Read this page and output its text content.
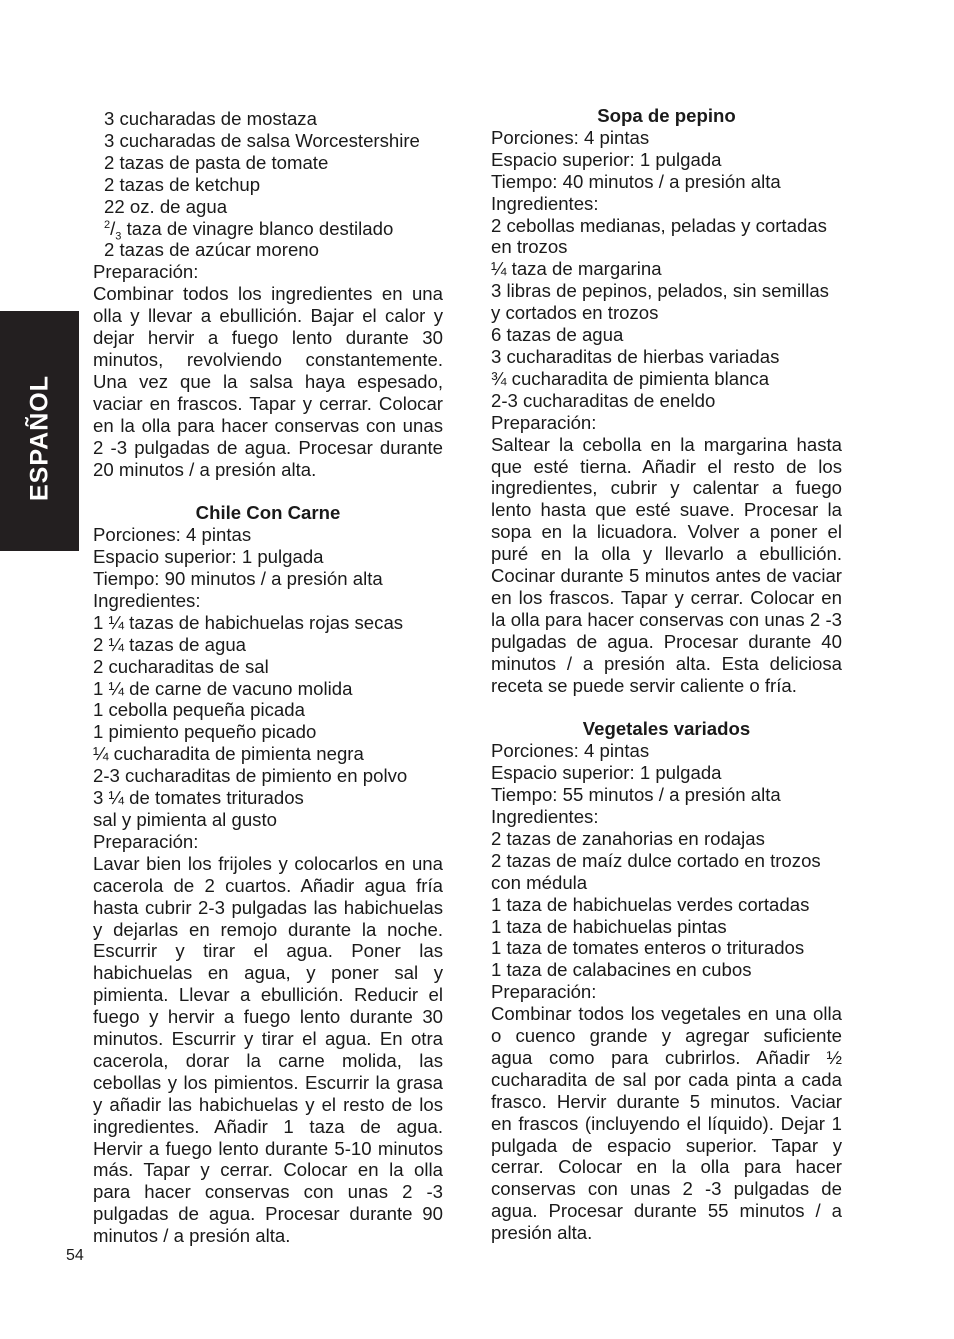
ESPAÑOL
3 cucharadas de mostaza
3 cucharadas de salsa Worcestershire
2 tazas de pasta de tomate
2 tazas de ketchup
22 oz. de agua
$^2/_3$ taza de vinagre blanco destilado
2 tazas de azúcar moreno
Preparación:
Combinar todos los ingredientes en una olla y llevar a ebullición. Bajar el calor y dejar hervir a fuego lento durante 30 minutos, revolviendo constantemente. Una vez que la salsa haya espesado, vaciar en frascos. Tapar y cerrar. Colocar en la olla para hacer conservas con unas 2 -3 pulgadas de agua. Procesar durante 20 minutos / a presión alta.
Chile Con Carne
Porciones: 4 pintas
Espacio superior: 1 pulgada
Tiempo: 90 minutos / a presión alta
Ingredientes:
1 ¼ tazas de habichuelas rojas secas
2 ¼ tazas de agua
2 cucharaditas de sal
1 ¼ de carne de vacuno molida
1 cebolla pequeña picada
1 pimiento pequeño picado
¼ cucharadita de pimienta negra
2-3 cucharaditas de pimiento en polvo
3 ¼ de tomates triturados
sal y pimienta al gusto
Preparación:
Lavar bien los frijoles y colocarlos en una cacerola de 2 cuartos. Añadir agua fría hasta cubrir 2-3 pulgadas las habichuelas y dejarlas en remojo durante la noche. Escurrir y tirar el agua. Poner las habichuelas en agua, y poner sal y pimienta. Llevar a ebullición. Reducir el fuego y hervir a fuego lento durante 30 minutos. Escurrir y tirar el agua. En otra cacerola, dorar la carne molida, las cebollas y los pimientos. Escurrir la grasa y añadir las habichuelas y el resto de los ingredientes. Añadir 1 taza de agua. Hervir a fuego lento durante 5-10 minutos más. Tapar y cerrar. Colocar en la olla para hacer conservas con unas 2 -3 pulgadas de agua. Procesar durante 90 minutos / a presión alta.
Sopa de pepino
Porciones: 4 pintas
Espacio superior: 1 pulgada
Tiempo: 40 minutos / a presión alta
Ingredientes:
2 cebollas medianas, peladas y cortadas
en trozos
¼ taza de margarina
3 libras de pepinos, pelados, sin semillas
y cortados en trozos
6 tazas de agua
3 cucharaditas de hierbas variadas
¾ cucharadita de pimienta blanca
2-3 cucharaditas de eneldo
Preparación:
Saltear la cebolla en la margarina hasta que esté tierna. Añadir el resto de los ingredientes, cubrir y calentar a fuego lento hasta que esté suave. Procesar la sopa en la licuadora. Volver a poner el puré en la olla y llevarlo a ebullición. Cocinar durante 5 minutos antes de vaciar en los frascos. Tapar y cerrar. Colocar en la olla para hacer conservas con unas 2 -3 pulgadas de agua. Procesar durante 40 minutos / a presión alta. Esta deliciosa receta se puede servir caliente o fría.
Vegetales variados
Porciones: 4 pintas
Espacio superior: 1 pulgada
Tiempo: 55 minutos / a presión alta
Ingredientes:
2 tazas de zanahorias en rodajas
2 tazas de maíz dulce cortado en trozos
con médula
1 taza de habichuelas verdes cortadas
1 taza de habichuelas pintas
1 taza de tomates enteros o triturados
1 taza de calabacines en cubos
Preparación:
Combinar todos los vegetales en una olla o cuenco grande y agregar suficiente agua como para cubrirlos. Añadir ½ cucharadita de sal por cada pinta a cada frasco. Hervir durante 5 minutos. Vaciar en frascos (incluyendo el líquido). Dejar 1 pulgada de espacio superior. Tapar y cerrar. Colocar en la olla para hacer conservas con unas 2 -3 pulgadas de agua. Procesar durante 55 minutos / a presión alta.
54
